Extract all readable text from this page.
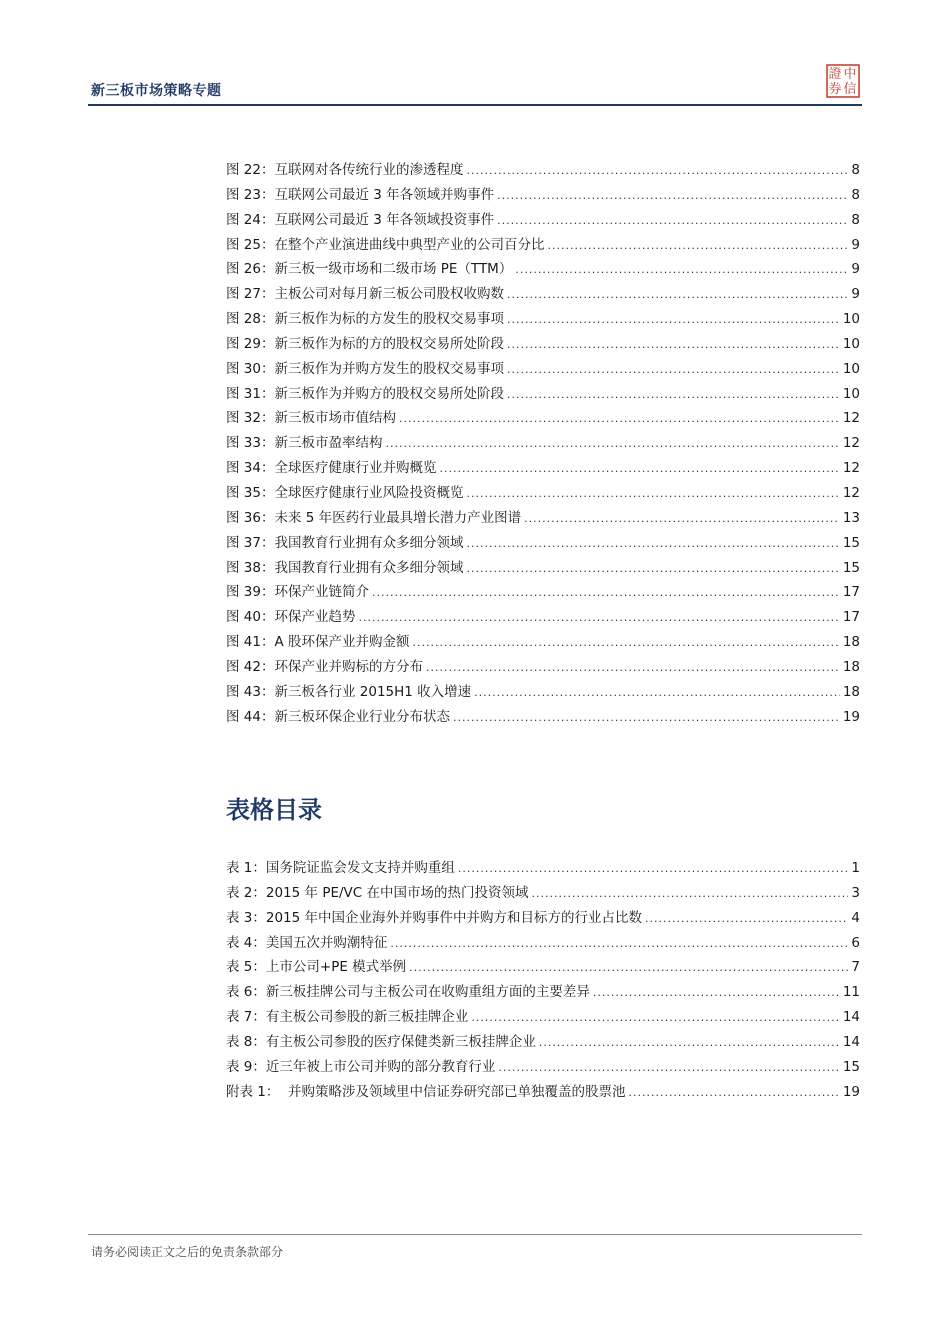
新三板市场策略专题
中
信
證
券
图 22：互联网对各传统行业的渗透程度 .....	8
图 23：互联网公司最近 3 年各领域并购事件 .....	8
图 24：互联网公司最近 3 年各领域投资事件 .....	8
图 25：在整个产业演进曲线中典型产业的公司百分比 .....	9
图 26：新三板一级市场和二级市场 PE（TTM） .....	9
图 27：主板公司对每月新三板公司股权收购数 .....	9
图 28：新三板作为标的方发生的股权交易事项 .....	10
图 29：新三板作为标的方的股权交易所处阶段 .....	10
图 30：新三板作为并购方发生的股权交易事项 .....	10
图 31：新三板作为并购方的股权交易所处阶段 .....	10
图 32：新三板市场市值结构 .....	12
图 33：新三板市盈率结构 .....	12
图 34：全球医疗健康行业并购概览 .....	12
图 35：全球医疗健康行业风险投资概览 .....	12
图 36：未来 5 年医药行业最具增长潜力产业图谱 .....	13
图 37：我国教育行业拥有众多细分领域 .....	15
图 38：我国教育行业拥有众多细分领域 .....	15
图 39：环保产业链简介 .....	17
图 40：环保产业趋势 .....	17
图 41：A 股环保产业并购金额 .....	18
图 42：环保产业并购标的方分布 .....	18
图 43：新三板各行业 2015H1 收入增速 .....	18
图 44：新三板环保企业行业分布状态 .....	19
表格目录
表 1：国务院证监会发文支持并购重组 .....	1
表 2：2015 年 PE/VC 在中国市场的热门投资领域 .....	3
表 3：2015 年中国企业海外并购事件中并购方和目标方的行业占比数 .....	4
表 4：美国五次并购潮特征 .....	6
表 5：上市公司+PE 模式举例 .....	7
表 6：新三板挂牌公司与主板公司在收购重组方面的主要差异 .....	11
表 7：有主板公司参股的新三板挂牌企业 .....	14
表 8：有主板公司参股的医疗保健类新三板挂牌企业 .....	14
表 9：近三年被上市公司并购的部分教育行业 .....	15
附表 1：  并购策略涉及领域里中信证券研究部已单独覆盖的股票池 .....	19
请务必阅读正文之后的免责条款部分
